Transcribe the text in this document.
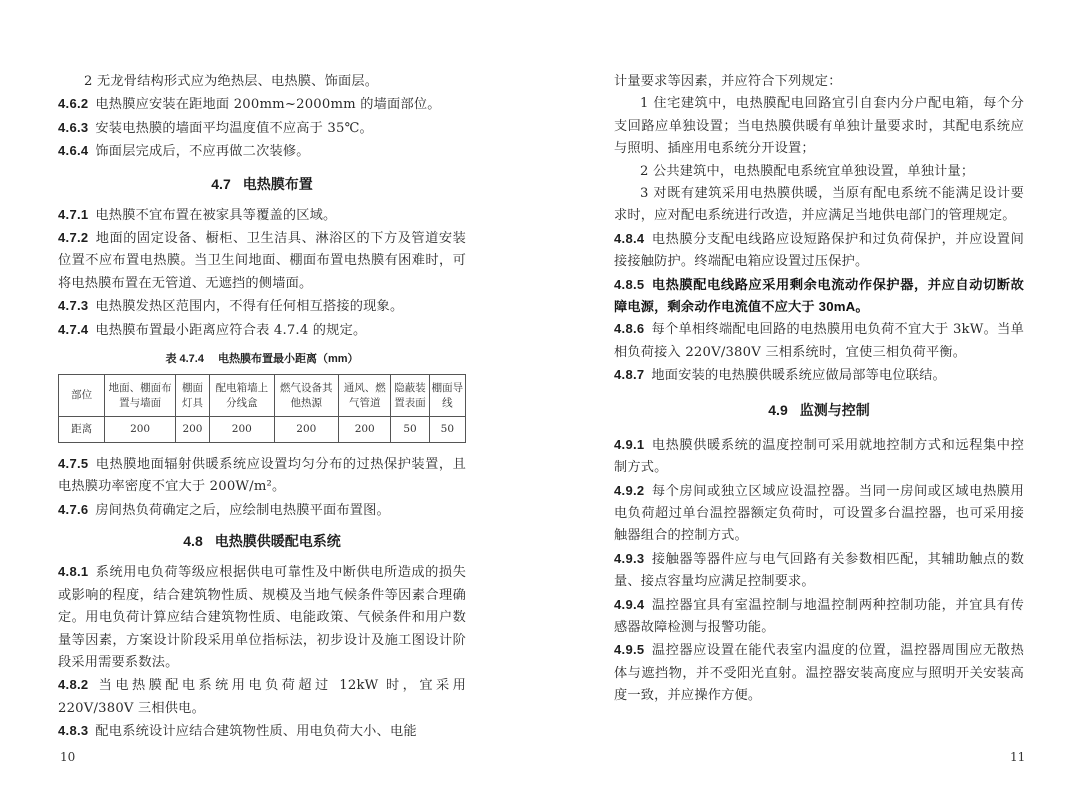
2 无龙骨结构形式应为绝热层、电热膜、饰面层。

4.6.2 电热膜应安装在距地面 200mm~2000mm 的墙面部位。

4.6.3 安装电热膜的墙面平均温度值不应高于 35℃。

4.6.4 饰面层完成后，不应再做二次装修。

4.7 电热膜布置

4.7.1 电热膜不宜布置在被家具等覆盖的区域。

4.7.2 地面的固定设备、橱柜、卫生洁具、淋浴区的下方及管道安装位置不应布置电热膜。当卫生间地面、棚面布置电热膜有困难时，可将电热膜布置在无管道、无遮挡的侧墙面。

4.7.3 电热膜发热区范围内，不得有任何相互搭接的现象。

4.7.4 电热膜布置最小距离应符合表 4.7.4 的规定。

表 4.7.4 电热膜布置最小距离（mm）
部位	地面、棚面布置与墙面	棚面灯具	配电箱墙上分线盒	燃气设备其他热源	通风、燃气管道	隐蔽装置表面	棚面导线
距离	200	200	200	200	200	50	50

4.7.5 电热膜地面辐射供暖系统应设置均匀分布的过热保护装置，且电热膜功率密度不宜大于 200W/m²。

4.7.6 房间热负荷确定之后，应绘制电热膜平面布置图。

4.8 电热膜供暖配电系统

4.8.1 系统用电负荷等级应根据供电可靠性及中断供电所造成的损失或影响的程度，结合建筑物性质、规模及当地气候条件等因素合理确定。用电负荷计算应结合建筑物性质、电能政策、气候条件和用户数量等因素，方案设计阶段采用单位指标法，初步设计及施工图设计阶段采用需要系数法。

4.8.2 当电热膜配电系统用电负荷超过 12kW 时，宜采用 220V/380V 三相供电。

4.8.3 配电系统设计应结合建筑物性质、用电负荷大小、电能

10

计量要求等因素，并应符合下列规定：

1 住宅建筑中，电热膜配电回路宜引自套内分户配电箱，每个分支回路应单独设置；当电热膜供暖有单独计量要求时，其配电系统应与照明、插座用电系统分开设置；

2 公共建筑中，电热膜配电系统宜单独设置，单独计量；

3 对既有建筑采用电热膜供暖，当原有配电系统不能满足设计要求时，应对配电系统进行改造，并应满足当地供电部门的管理规定。

4.8.4 电热膜分支配电线路应设短路保护和过负荷保护，并应设置间接接触防护。终端配电箱应设置过压保护。

4.8.5 电热膜配电线路应采用剩余电流动作保护器，并应自动切断故障电源，剩余动作电流值不应大于 30mA。

4.8.6 每个单相终端配电回路的电热膜用电负荷不宜大于 3kW。当单相负荷接入 220V/380V 三相系统时，宜使三相负荷平衡。

4.8.7 地面安装的电热膜供暖系统应做局部等电位联结。

4.9 监测与控制

4.9.1 电热膜供暖系统的温度控制可采用就地控制方式和远程集中控制方式。

4.9.2 每个房间或独立区域应设温控器。当同一房间或区域电热膜用电负荷超过单台温控器额定负荷时，可设置多台温控器，也可采用接触器组合的控制方式。

4.9.3 接触器等器件应与电气回路有关参数相匹配，其辅助触点的数量、接点容量均应满足控制要求。

4.9.4 温控器宜具有室温控制与地温控制两种控制功能，并宜具有传感器故障检测与报警功能。

4.9.5 温控器应设置在能代表室内温度的位置，温控器周围应无散热体与遮挡物，并不受阳光直射。温控器安装高度应与照明开关安装高度一致，并应操作方便。

11
